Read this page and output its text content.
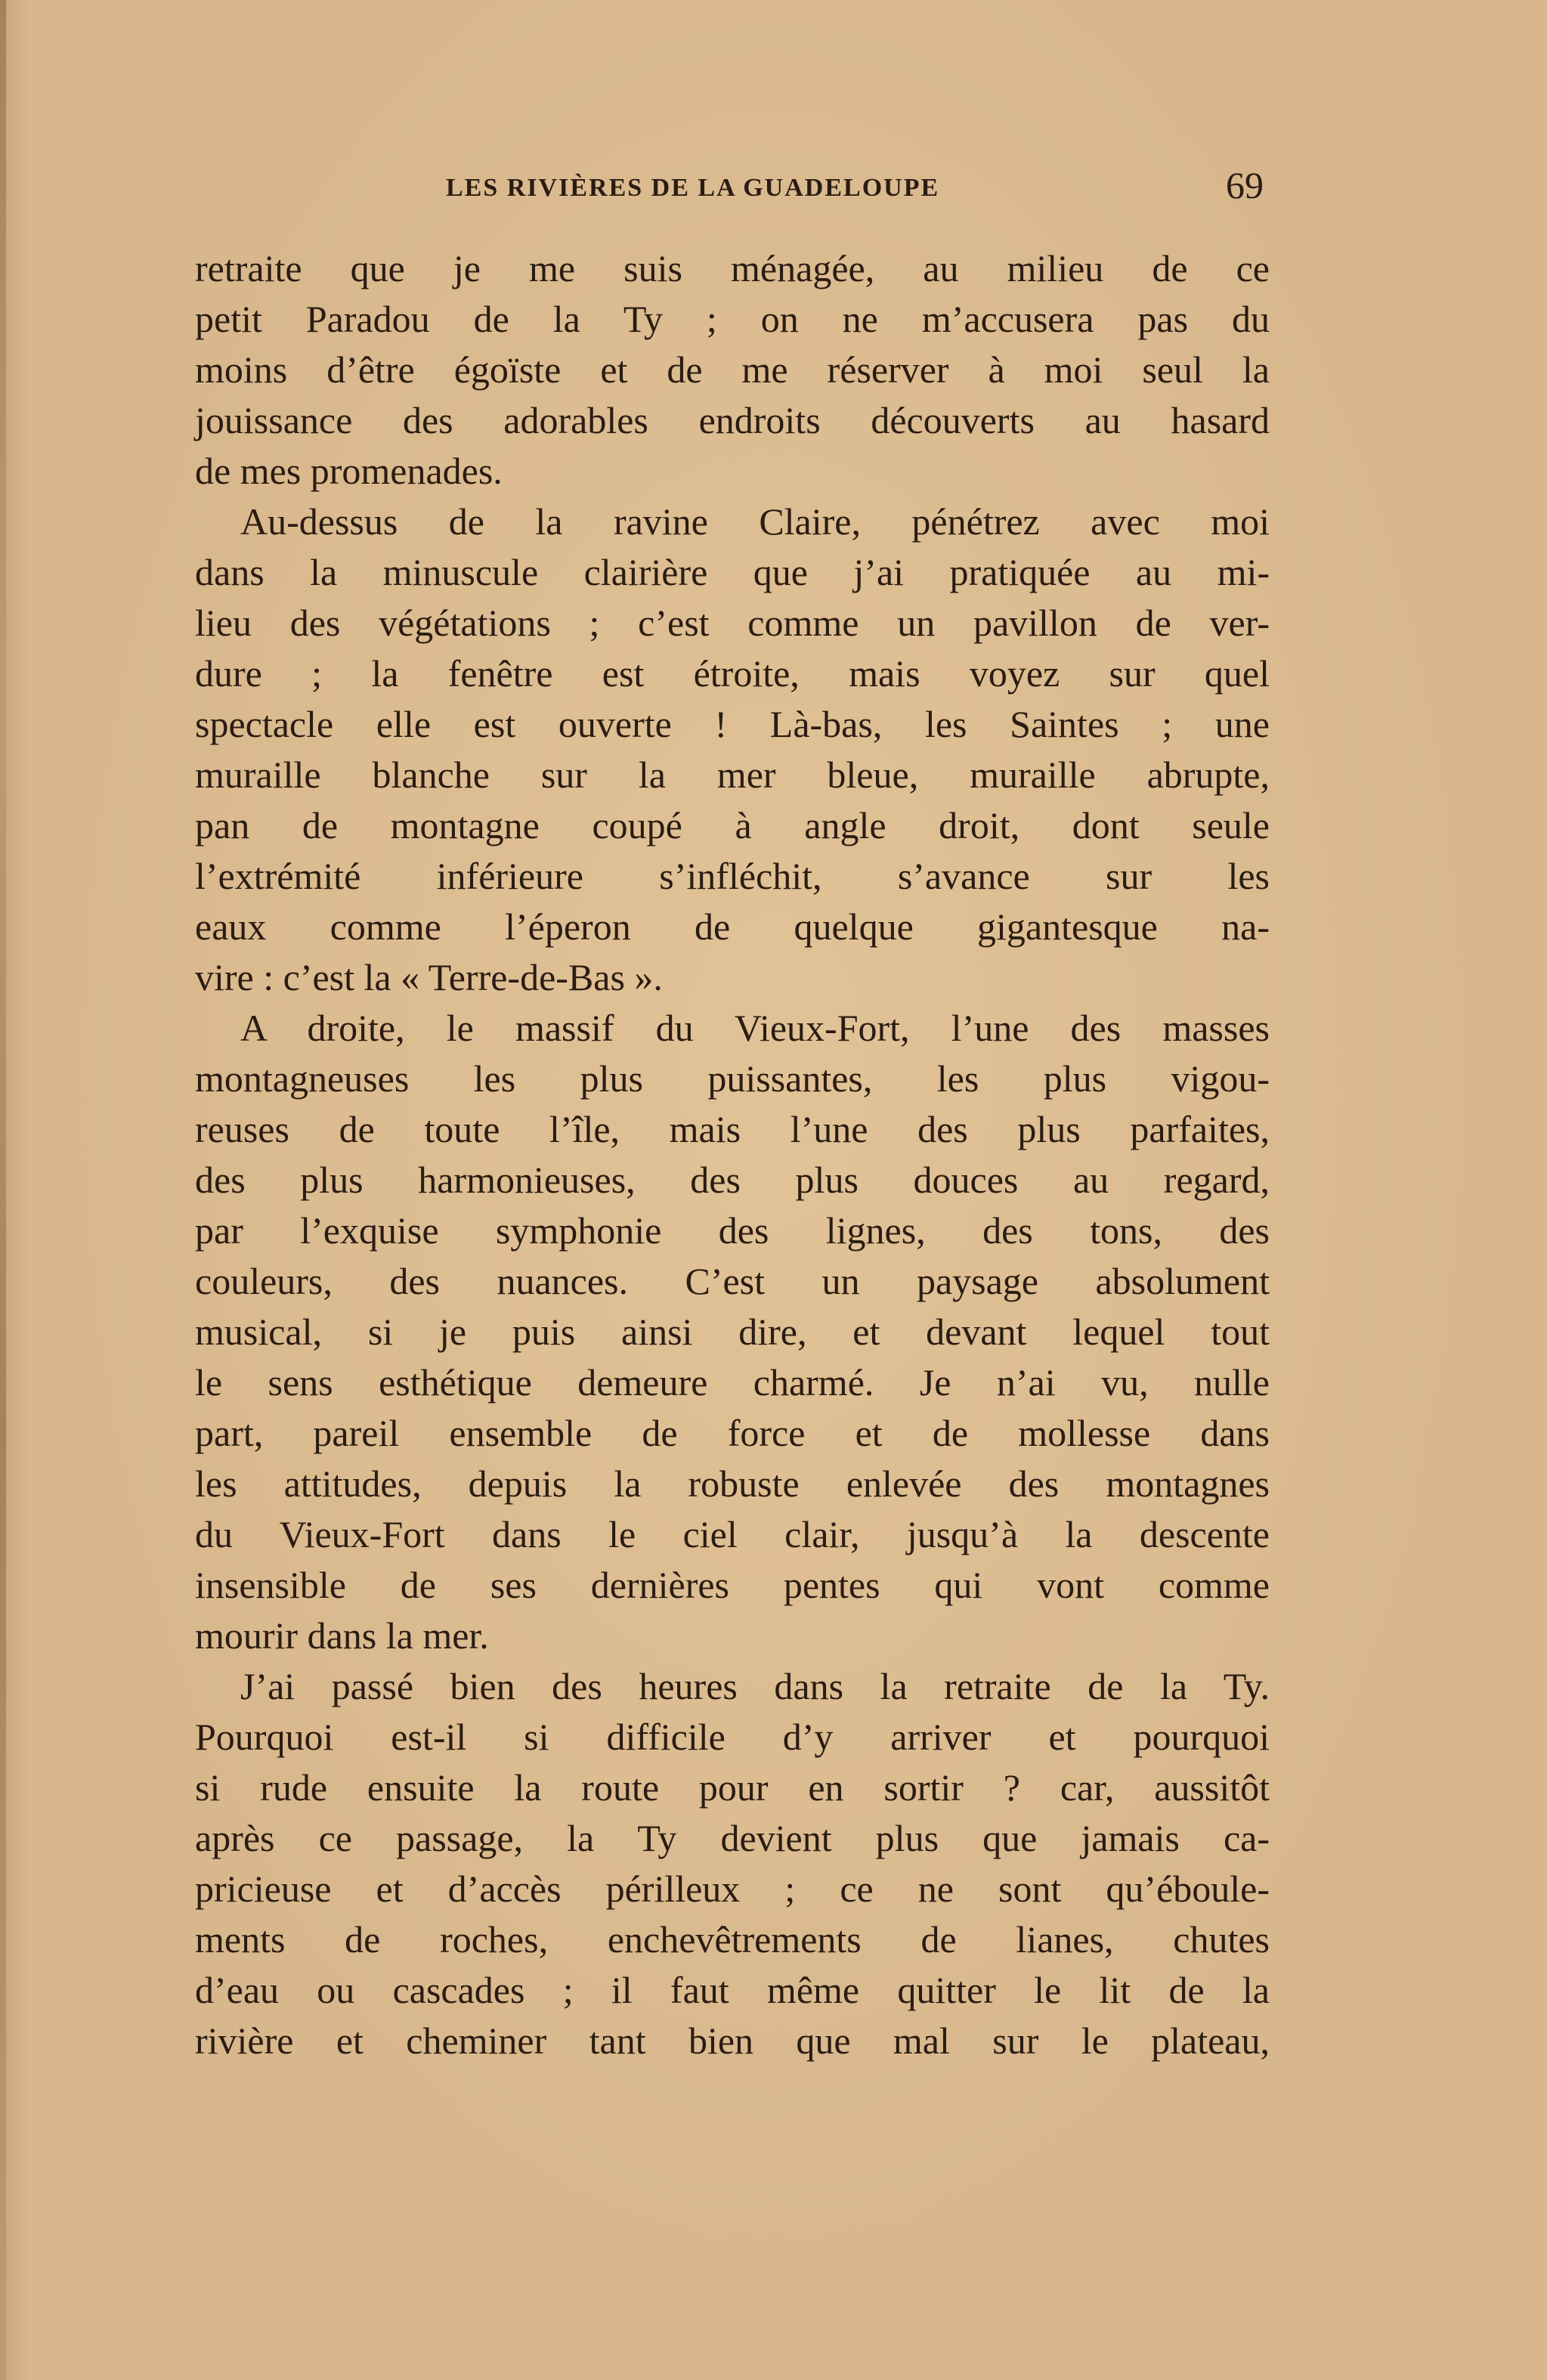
LES RIVIÈRES DE LA GUADELOUPE	69
retraite que je me suis ménagée, au milieu de ce
petit Paradou de la Ty ; on ne m’accusera pas du
moins d’être égoïste et de me réserver à moi seul la
jouissance des adorables endroits découverts au hasard
de mes promenades.
Au-dessus de la ravine Claire, pénétrez avec moi
dans la minuscule clairière que j’ai pratiquée au mi-
lieu des végétations ; c’est comme un pavillon de ver-
dure ; la fenêtre est étroite, mais voyez sur quel
spectacle elle est ouverte ! Là-bas, les Saintes ; une
muraille blanche sur la mer bleue, muraille abrupte,
pan de montagne coupé à angle droit, dont seule
l’extrémité inférieure s’infléchit, s’avance sur les
eaux comme l’éperon de quelque gigantesque na-
vire : c’est la « Terre-de-Bas ».
A droite, le massif du Vieux-Fort, l’une des masses
montagneuses les plus puissantes, les plus vigou-
reuses de toute l’île, mais l’une des plus parfaites,
des plus harmonieuses, des plus douces au regard,
par l’exquise symphonie des lignes, des tons, des
couleurs, des nuances. C’est un paysage absolument
musical, si je puis ainsi dire, et devant lequel tout
le sens esthétique demeure charmé. Je n’ai vu, nulle
part, pareil ensemble de force et de mollesse dans
les attitudes, depuis la robuste enlevée des montagnes
du Vieux-Fort dans le ciel clair, jusqu’à la descente
insensible de ses dernières pentes qui vont comme
mourir dans la mer.
J’ai passé bien des heures dans la retraite de la Ty.
Pourquoi est-il si difficile d’y arriver et pourquoi
si rude ensuite la route pour en sortir ? car, aussitôt
après ce passage, la Ty devient plus que jamais ca-
pricieuse et d’accès périlleux ; ce ne sont qu’éboule-
ments de roches, enchevêtrements de lianes, chutes
d’eau ou cascades ; il faut même quitter le lit de la
rivière et cheminer tant bien que mal sur le plateau,
